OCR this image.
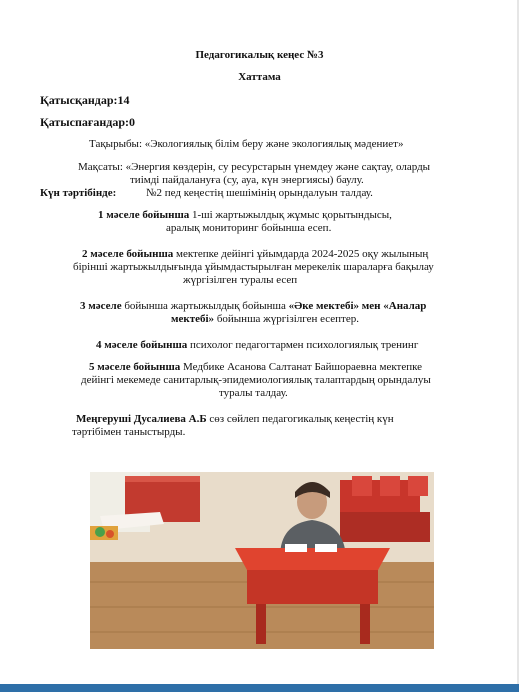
Педагогикалық кеңес №3
Хаттама
Қатысқандар:14
Қатыспағандар:0
Тақырыбы: «Экологиялық білім беру және экологиялық мәдениет»
Мақсаты: «Энергия көздерін, су ресурстарын үнемдеу және сақтау, оларды
тиімді пайдалануға (су, ауа, күн энергиясы) баулу.
Күн тәртібінде:	№2 пед кеңестің шешімінің орындалуын талдау.
1 мәселе бойынша 1-ші жартыжылдық жұмыс қорытындысы,
аралық мониторинг бойынша есеп.
2 мәселе бойынша мектепке дейінгі ұйымдарда 2024-2025 оқу жылының
бірінші жартыжылдығында ұйымдастырылған мерекелік шараларға бақылау
жүргізілген туралы есеп
3 мәселе бойынша жартыжылдық бойынша «Әке мектебі» мен «Аналар
мектебі» бойынша жүргізілген есептер.
4 мәселе бойынша психолог педагогтармен психологиялық тренинг
5 мәселе бойынша Медбике Асанова Салтанат Байшораевна мектепке
дейінгі мекемеде санитарлық-эпидемиологиялық талаптардың орындалуы
туралы талдау.
Меңгеруші Дусалиева А.Б сөз сөйлеп педагогикалық кеңестің күн
тәртібімен таныстырды.
